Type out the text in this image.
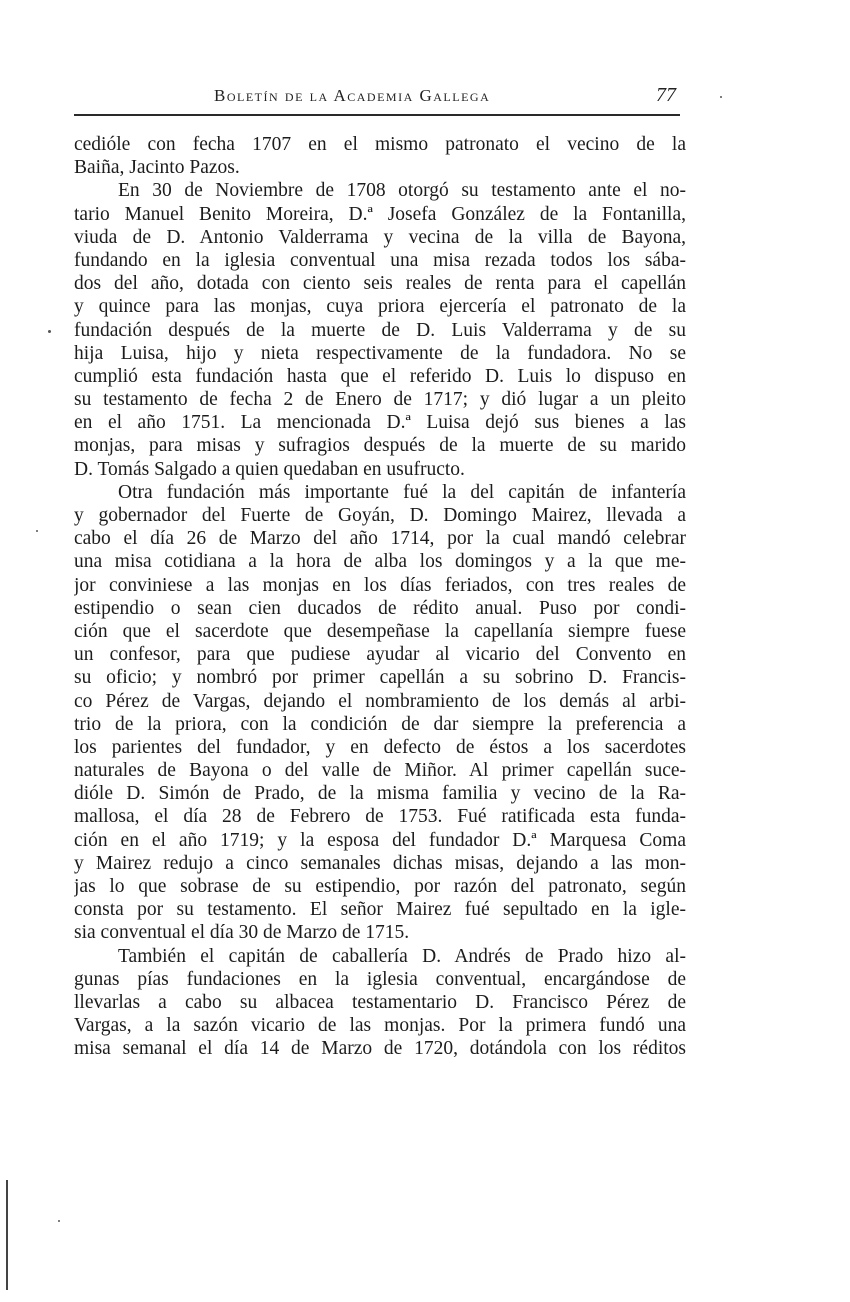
Boletín de la Academia Gallega	77
cedióle con fecha 1707 en el mismo patronato el vecino de la
Baiña, Jacinto Pazos.
En 30 de Noviembre de 1708 otorgó su testamento ante el no-
tario Manuel Benito Moreira, D.ª Josefa González de la Fontanilla,
viuda de D. Antonio Valderrama y vecina de la villa de Bayona,
fundando en la iglesia conventual una misa rezada todos los sába-
dos del año, dotada con ciento seis reales de renta para el capellán
y quince para las monjas, cuya priora ejercería el patronato de la
fundación después de la muerte de D. Luis Valderrama y de su
hija Luisa, hijo y nieta respectivamente de la fundadora. No se
cumplió esta fundación hasta que el referido D. Luis lo dispuso en
su testamento de fecha 2 de Enero de 1717; y dió lugar a un pleito
en el año 1751. La mencionada D.ª Luisa dejó sus bienes a las
monjas, para misas y sufragios después de la muerte de su marido
D. Tomás Salgado a quien quedaban en usufructo.
Otra fundación más importante fué la del capitán de infantería
y gobernador del Fuerte de Goyán, D. Domingo Mairez, llevada a
cabo el día 26 de Marzo del año 1714, por la cual mandó celebrar
una misa cotidiana a la hora de alba los domingos y a la que me-
jor conviniese a las monjas en los días feriados, con tres reales de
estipendio o sean cien ducados de rédito anual. Puso por condi-
ción que el sacerdote que desempeñase la capellanía siempre fuese
un confesor, para que pudiese ayudar al vicario del Convento en
su oficio; y nombró por primer capellán a su sobrino D. Francis-
co Pérez de Vargas, dejando el nombramiento de los demás al arbi-
trio de la priora, con la condición de dar siempre la preferencia a
los parientes del fundador, y en defecto de éstos a los sacerdotes
naturales de Bayona o del valle de Miñor. Al primer capellán suce-
dióle D. Simón de Prado, de la misma familia y vecino de la Ra-
mallosa, el día 28 de Febrero de 1753. Fué ratificada esta funda-
ción en el año 1719; y la esposa del fundador D.ª Marquesa Coma
y Mairez redujo a cinco semanales dichas misas, dejando a las mon-
jas lo que sobrase de su estipendio, por razón del patronato, según
consta por su testamento. El señor Mairez fué sepultado en la igle-
sia conventual el día 30 de Marzo de 1715.
También el capitán de caballería D. Andrés de Prado hizo al-
gunas pías fundaciones en la iglesia conventual, encargándose de
llevarlas a cabo su albacea testamentario D. Francisco Pérez de
Vargas, a la sazón vicario de las monjas. Por la primera fundó una
misa semanal el día 14 de Marzo de 1720, dotándola con los réditos
